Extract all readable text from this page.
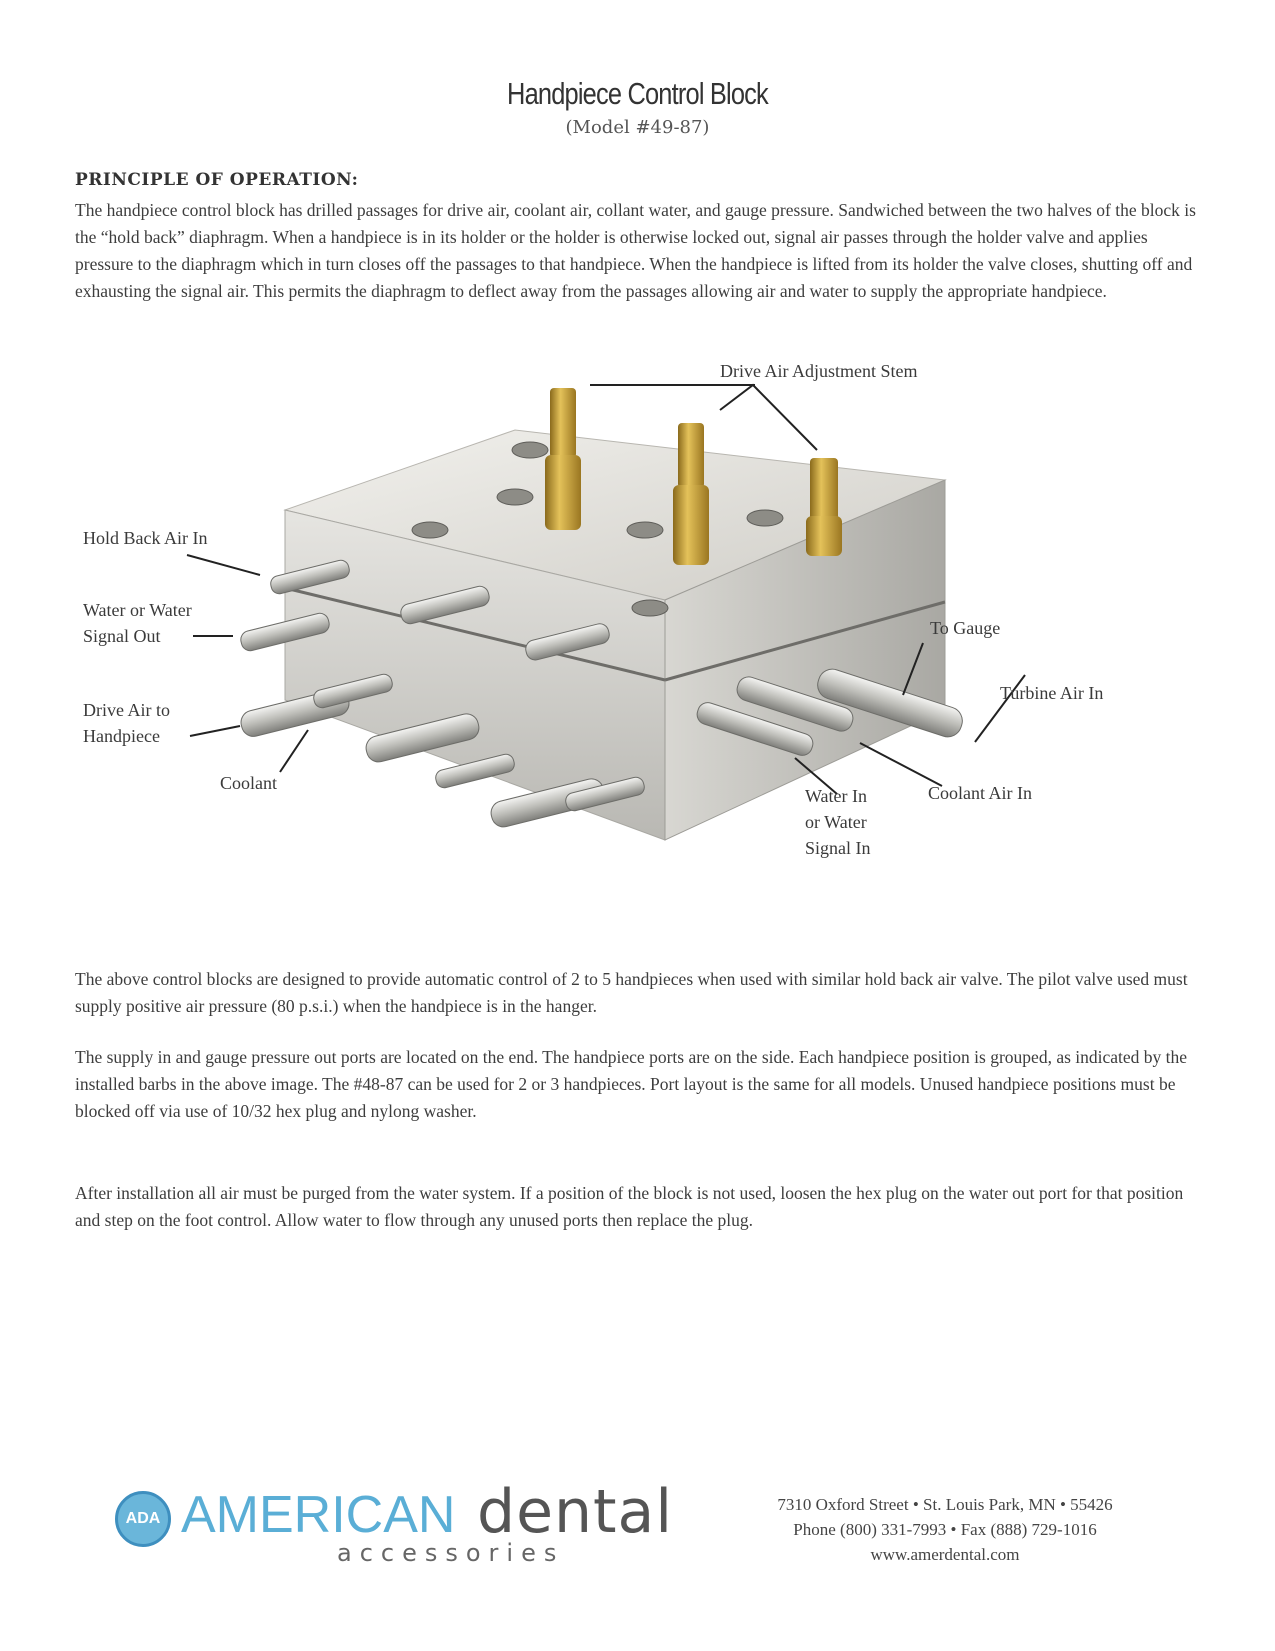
Handpiece Control Block
(Model #49-87)
PRINCIPLE OF OPERATION:
The handpiece control block has drilled passages for drive air, coolant air, collant water, and gauge pressure. Sandwiched between the two halves of the block is the “hold back” diaphragm. When a handpiece is in its holder or the holder is otherwise locked out, signal air passes through the holder valve and applies pressure to the diaphragm which in turn closes off the passages to that handpiece. When the handpiece is lifted from its holder the valve closes, shutting off and exhausting the signal air. This permits the diaphragm to deflect away from the passages allowing air and water to supply the appropriate handpiece.
Drive Air Adjustment Stem
Hold Back Air In
Water or Water
Signal Out	To Gauge
Turbine Air In
Drive Air to
Handpiece
Coolant
Water In
or Water
Signal In
Coolant Air In
The above control blocks are designed to provide automatic control of 2 to 5 handpieces when used with similar hold back air valve. The pilot valve used must supply positive air pressure (80 p.s.i.) when the handpiece is in the hanger.
The supply in and gauge pressure out ports are located on the end. The handpiece ports are on the side. Each handpiece position is grouped, as indicated by the installed barbs in the above image. The #48-87 can be used for 2 or 3 handpieces. Port layout is the same for all models. Unused handpiece positions must be blocked off via use of 10/32 hex plug and nylong washer.
After installation all air must be purged from the water system. If a position of the block is not used, loosen the hex plug on the water out port for that position and step on the foot control. Allow water to flow through any unused ports then replace the plug.
ADA AMERICAN dental
accessories
7310 Oxford Street • St. Louis Park, MN • 55426
Phone (800) 331-7993 • Fax (888) 729-1016
www.amerdental.com
